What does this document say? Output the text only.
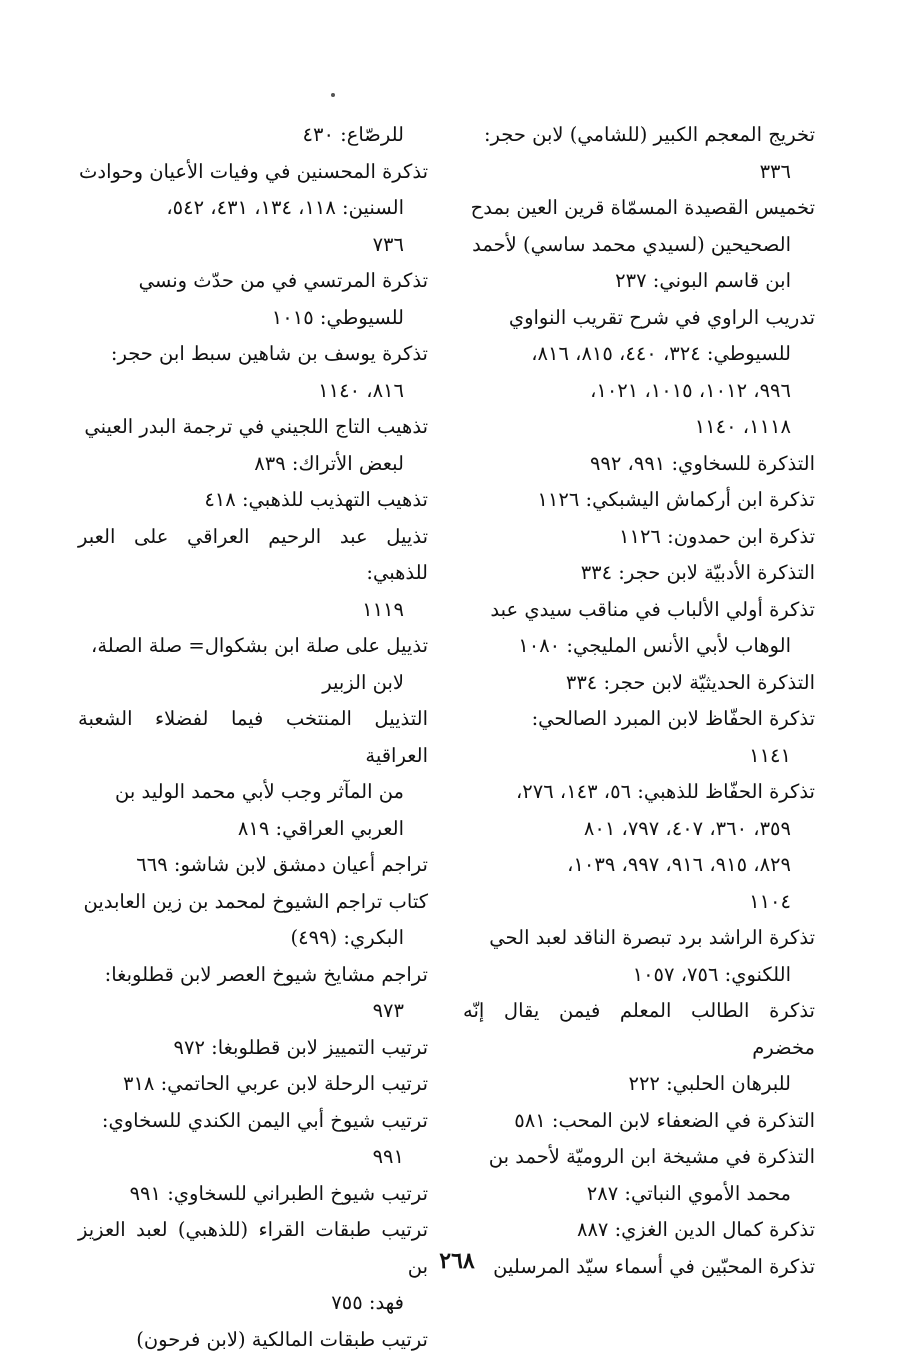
تخريج المعجم الكبير (للشامي) لابن حجر:
٣٣٦
تخميس القصيدة المسمّاة قرين العين بمدح
الصحيحين (لسيدي محمد ساسي) لأحمد
ابن قاسم البوني: ٢٣٧
تدريب الراوي في شرح تقريب النواوي
للسيوطي: ٣٢٤، ٤٤٠، ٨١٥، ٨١٦،
٩٩٦، ١٠١٢، ١٠١٥، ١٠٢١،
١١١٨، ١١٤٠
التذكرة للسخاوي: ٩٩١، ٩٩٢
تذكرة ابن أركماش اليشبكي: ١١٢٦
تذكرة ابن حمدون: ١١٢٦
التذكرة الأدبيّة لابن حجر: ٣٣٤
تذكرة أولي الألباب في مناقب سيدي عبد
الوهاب لأبي الأنس المليجي: ١٠٨٠
التذكرة الحديثيّة لابن حجر: ٣٣٤
تذكرة الحفّاظ لابن المبرد الصالحي:
١١٤١
تذكرة الحفّاظ للذهبي: ٥٦، ١٤٣، ٢٧٦،
٣٥٩، ٣٦٠، ٤٠٧، ٧٩٧، ٨٠١
٨٢٩، ٩١٥، ٩١٦، ٩٩٧، ١٠٣٩،
١١٠٤
تذكرة الراشد برد تبصرة الناقد لعبد الحي
اللكنوي: ٧٥٦، ١٠٥٧
تذكرة الطالب المعلم فيمن يقال إنّه مخضرم
للبرهان الحلبي: ٢٢٢
التذكرة في الضعفاء لابن المحب: ٥٨١
التذكرة في مشيخة ابن الروميّة لأحمد بن
محمد الأموي النباتي: ٢٨٧
تذكرة كمال الدين الغزي: ٨٨٧
تذكرة المحبّين في أسماء سيّد المرسلين
للرصّاع: ٤٣٠
تذكرة المحسنين في وفيات الأعيان وحوادث
السنين: ١١٨، ١٣٤، ٤٣١، ٥٤٢،
٧٣٦
تذكرة المرتسي في من حدّث ونسي
للسيوطي: ١٠١٥
تذكرة يوسف بن شاهين سبط ابن حجر:
٨١٦، ١١٤٠
تذهيب التاج اللجيني في ترجمة البدر العيني
لبعض الأتراك: ٨٣٩
تذهيب التهذيب للذهبي: ٤١٨
تذييل عبد الرحيم العراقي على العبر للذهبي:
١١١٩
تذييل على صلة ابن بشكوال= صلة الصلة،
لابن الزبير
التذييل المنتخب فيما لفضلاء الشعبة العراقية
من المآثر وجب لأبي محمد الوليد بن
العربي العراقي: ٨١٩
تراجم أعيان دمشق لابن شاشو: ٦٦٩
كتاب تراجم الشيوخ لمحمد بن زين العابدين
البكري: (٤٩٩)
تراجم مشايخ شيوخ العصر لابن قطلوبغا:
٩٧٣
ترتيب التمييز لابن قطلوبغا: ٩٧٢
ترتيب الرحلة لابن عربي الحاتمي: ٣١٨
ترتيب شيوخ أبي اليمن الكندي للسخاوي:
٩٩١
ترتيب شيوخ الطبراني للسخاوي: ٩٩١
ترتيب طبقات القراء (للذهبي) لعبد العزيز بن
فهد: ٧٥٥
ترتيب طبقات المالكية (لابن فرحون)
٢٦٨
